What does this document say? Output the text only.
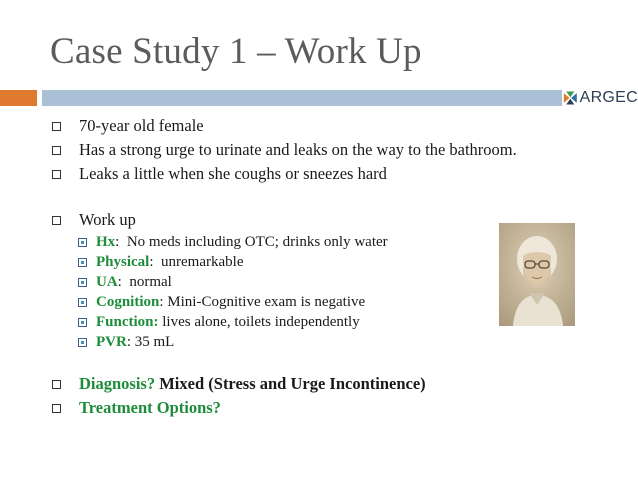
Case Study 1 – Work Up
ARGEC
70-year old female
Has a strong urge to urinate and leaks on the way to the bathroom.
Leaks a little when she coughs or sneezes hard
Work up
Hx : No meds including OTC; drinks only water
Physical : unremarkable
UA : normal
Cognition : Mini-Cognitive exam is negative
Function:
lives alone, toilets independently
PVR : 35 mL
Diagnosis? Mixed (Stress and Urge Incontinence)
Treatment Options?
